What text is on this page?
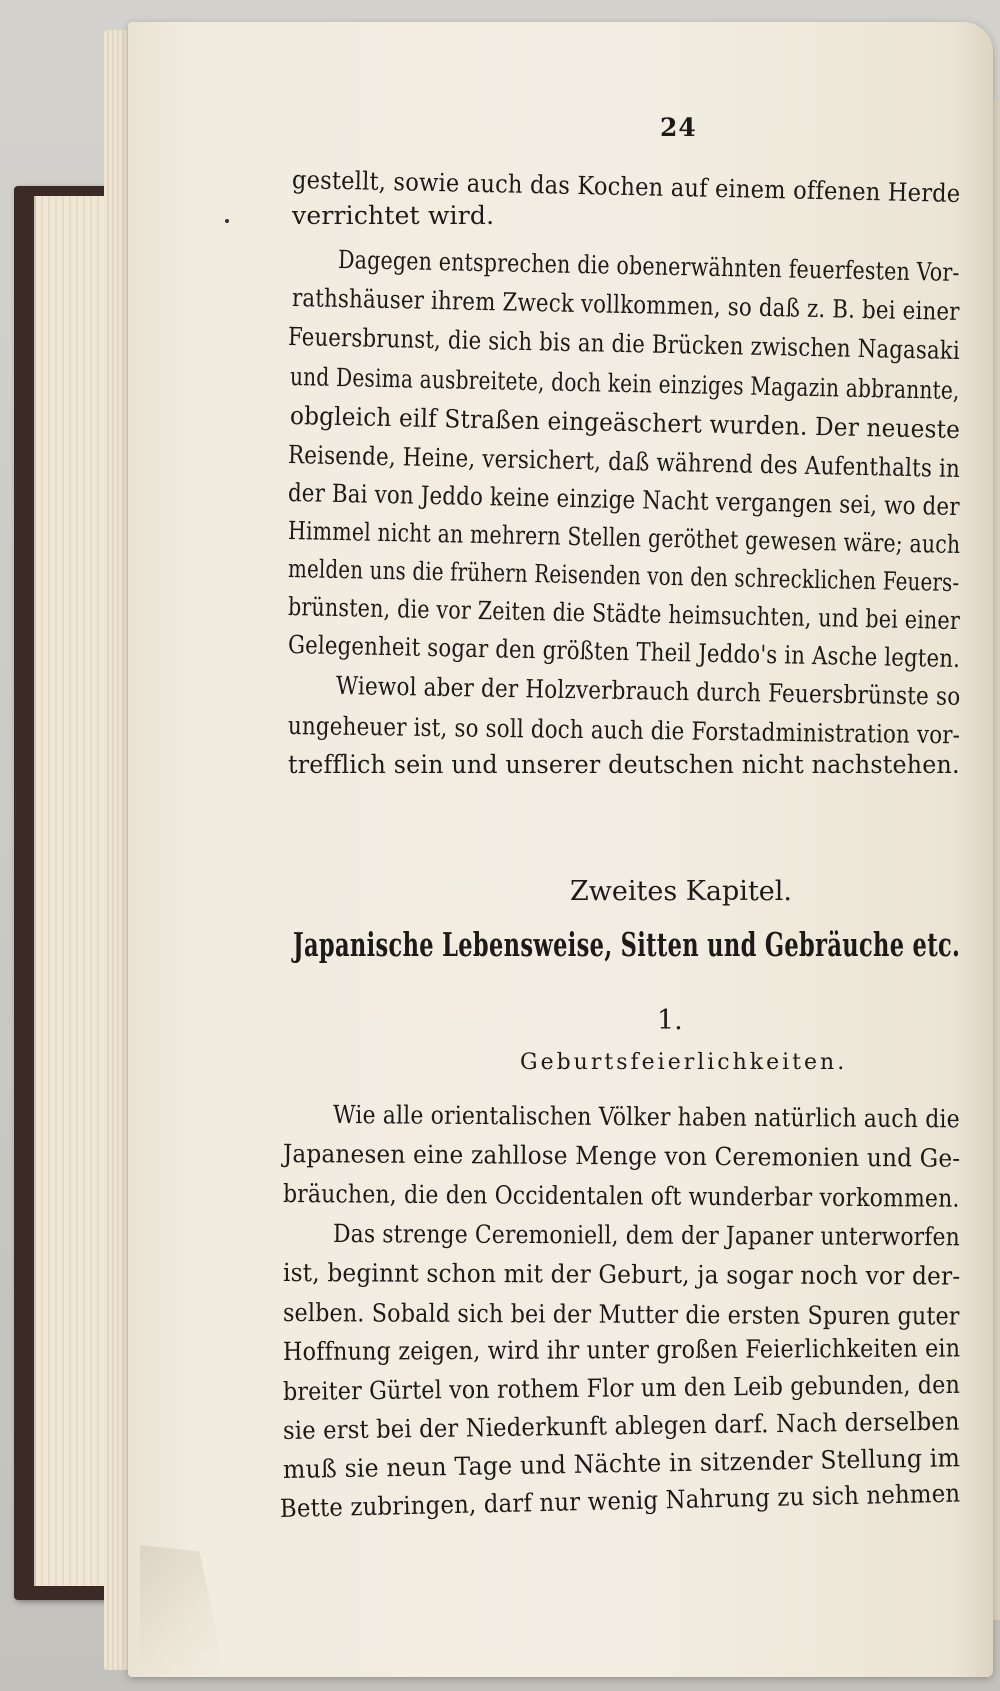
24

gestellt, sowie auch das Kochen auf einem offenen Herde

verrichtet wird.

Dagegen entsprechen die obenerwähnten feuerfesten Vor-

rathshäuser ihrem Zweck vollkommen, so daß z. B. bei einer

Feuersbrunst, die sich bis an die Brücken zwischen Nagasaki

und Desima ausbreitete, doch kein einziges Magazin abbrannte,

obgleich eilf Straßen eingeäschert wurden. Der neueste

Reisende, Heine, versichert, daß während des Aufenthalts in

der Bai von Jeddo keine einzige Nacht vergangen sei, wo der

Himmel nicht an mehrern Stellen geröthet gewesen wäre; auch

melden uns die frühern Reisenden von den schrecklichen Feuers-

brünsten, die vor Zeiten die Städte heimsuchten, und bei einer

Gelegenheit sogar den größten Theil Jeddo's in Asche legten.

Wiewol aber der Holzverbrauch durch Feuersbrünste so

ungeheuer ist, so soll doch auch die Forstadministration vor-

trefflich sein und unserer deutschen nicht nachstehen.

Zweites Kapitel.

Japanische Lebensweise, Sitten und Gebräuche etc.

1.

Geburtsfeierlichkeiten.

Wie alle orientalischen Völker haben natürlich auch die

Japanesen eine zahllose Menge von Ceremonien und Ge-

bräuchen, die den Occidentalen oft wunderbar vorkommen.

Das strenge Ceremoniell, dem der Japaner unterworfen

ist, beginnt schon mit der Geburt, ja sogar noch vor der-

selben. Sobald sich bei der Mutter die ersten Spuren guter

Hoffnung zeigen, wird ihr unter großen Feierlichkeiten ein

breiter Gürtel von rothem Flor um den Leib gebunden, den

sie erst bei der Niederkunft ablegen darf. Nach derselben

muß sie neun Tage und Nächte in sitzender Stellung im

Bette zubringen, darf nur wenig Nahrung zu sich nehmen
